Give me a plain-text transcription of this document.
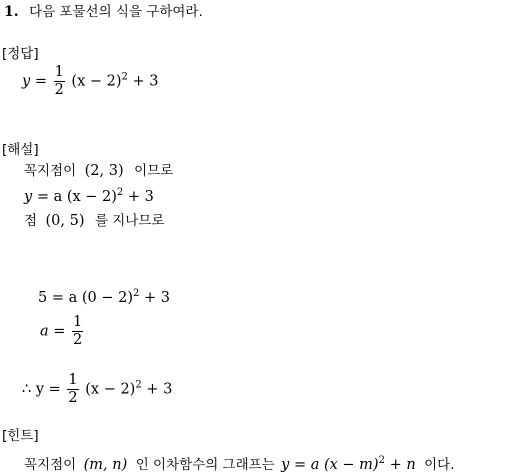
1. 다음 포물선의 식을 구하여라.
[정답]
$y = \frac{1}{2} (x - 2)^2 + 3$
[해설]
꼭지점이 (2, 3) 이므로
y = a $(x - 2)^2 + 3$
점 (0, 5) 를 지나므로
5 = a $(0 - 2)^2 + 3$
$a = \frac{1}{2}$
∴ $y = \frac{1}{2} (x - 2)^2 + 3$
[힌트]
꼭지점이 (m, n) 인 이차함수의 그래프는 y = a $(x - m)^2 + n$ 이다.
